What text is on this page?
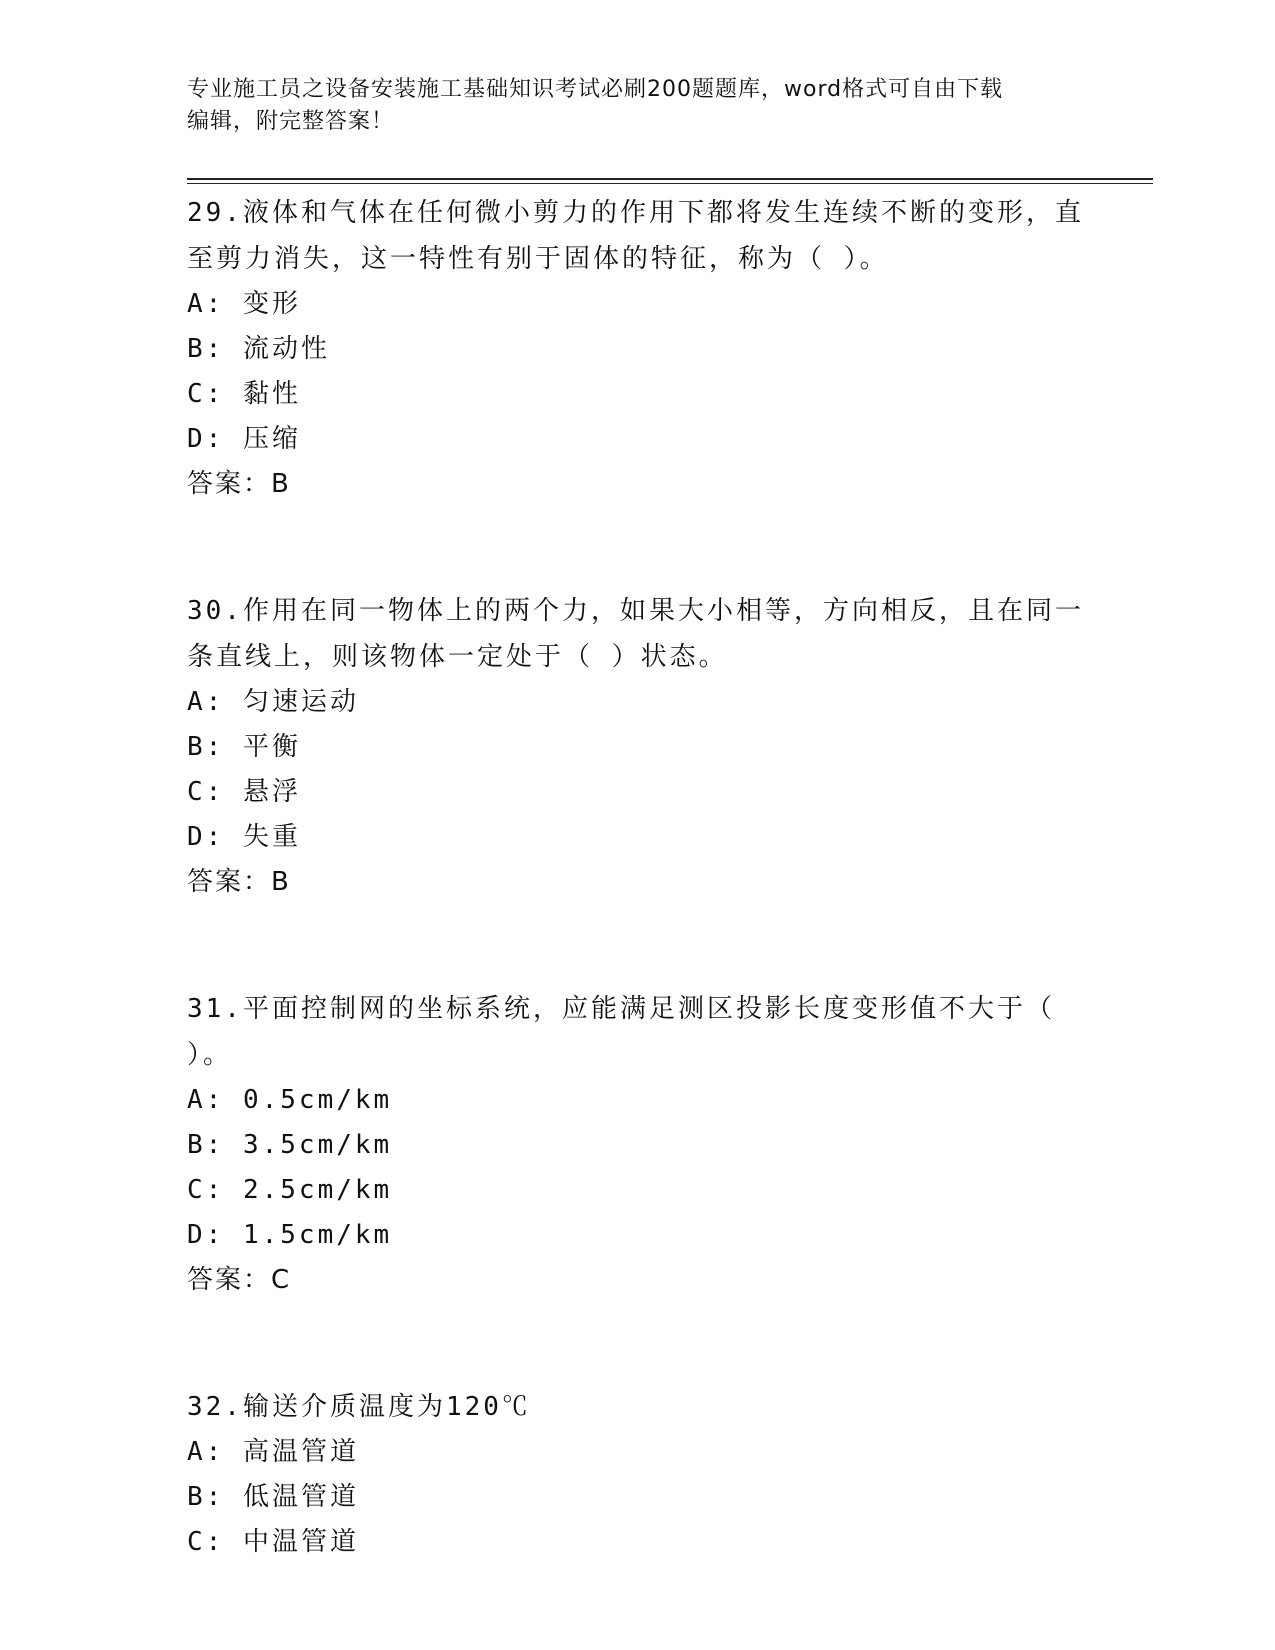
专业施工员之设备安装施工基础知识考试必刷200题题库，word格式可自由下载
编辑，附完整答案！
29.液体和气体在任何微小剪力的作用下都将发生连续不断的变形，直
至剪力消失，这一特性有别于固体的特征，称为（ ）。
A: 变形
B: 流动性
C: 黏性
D: 压缩
答案：B
30.作用在同一物体上的两个力，如果大小相等，方向相反，且在同一
条直线上，则该物体一定处于（ ）状态。
A: 匀速运动
B: 平衡
C: 悬浮
D: 失重
答案：B
31.平面控制网的坐标系统，应能满足测区投影长度变形值不大于（
）。
A: 0.5cm/km
B: 3.5cm/km
C: 2.5cm/km
D: 1.5cm/km
答案：C
32.输送介质温度为120℃
A: 高温管道
B: 低温管道
C: 中温管道
